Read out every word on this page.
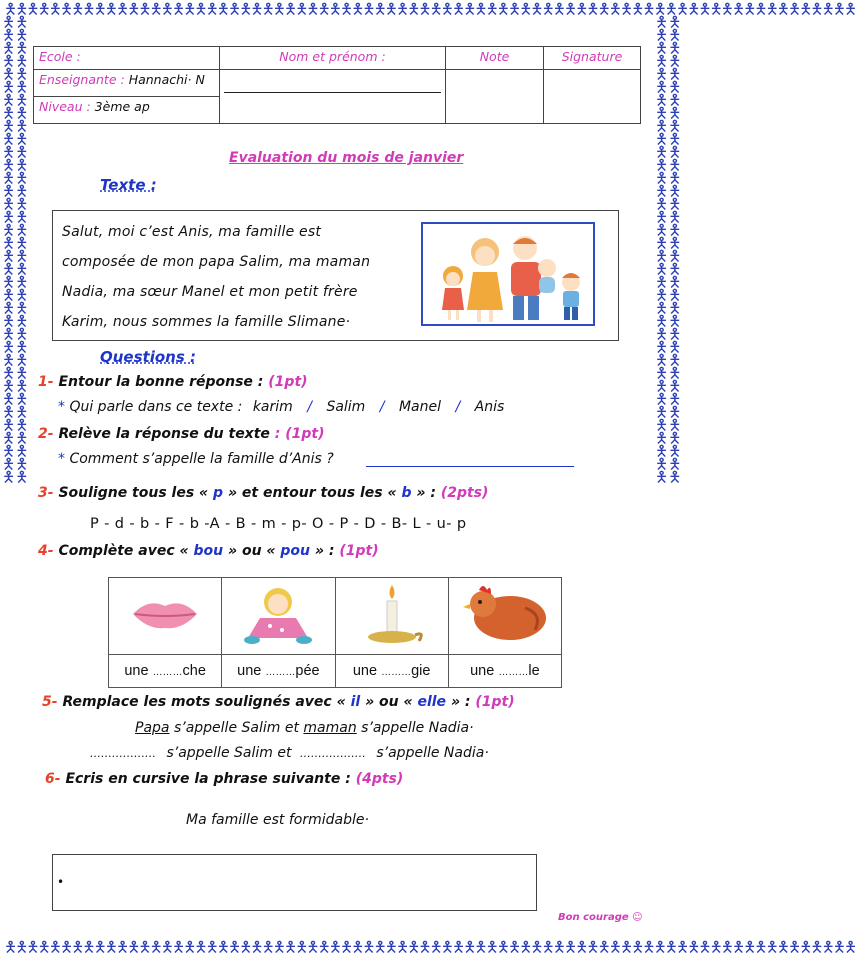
🯅🯅🯅🯅🯅🯅🯅🯅🯅🯅🯅🯅🯅🯅🯅🯅🯅🯅🯅🯅🯅🯅🯅🯅🯅🯅🯅🯅🯅🯅🯅🯅🯅🯅🯅🯅🯅🯅🯅🯅🯅🯅🯅🯅🯅🯅🯅🯅🯅🯅🯅🯅🯅🯅🯅🯅🯅🯅🯅🯅🯅🯅🯅🯅🯅🯅🯅🯅🯅🯅🯅🯅🯅🯅🯅🯅
🯅🯅🯅🯅🯅🯅🯅🯅🯅🯅🯅🯅🯅🯅🯅🯅🯅🯅🯅🯅🯅🯅🯅🯅🯅🯅🯅🯅🯅🯅🯅🯅🯅🯅🯅🯅🯅🯅🯅🯅🯅🯅🯅🯅🯅🯅🯅🯅🯅🯅🯅🯅🯅🯅🯅🯅🯅🯅🯅🯅🯅🯅🯅🯅🯅🯅🯅🯅🯅🯅🯅🯅🯅🯅🯅🯅
🯅🯅🯅🯅🯅🯅🯅🯅🯅🯅🯅🯅🯅🯅🯅🯅🯅🯅🯅🯅🯅🯅🯅🯅🯅🯅🯅🯅🯅🯅🯅🯅🯅🯅🯅🯅🯅🯅🯅🯅🯅🯅🯅🯅🯅🯅🯅🯅🯅🯅🯅🯅🯅🯅🯅🯅🯅🯅🯅🯅🯅🯅🯅🯅🯅🯅🯅🯅🯅🯅🯅🯅
🯅🯅🯅🯅🯅🯅🯅🯅🯅🯅🯅🯅🯅🯅🯅🯅🯅🯅🯅🯅🯅🯅🯅🯅🯅🯅🯅🯅🯅🯅🯅🯅🯅🯅🯅🯅🯅🯅🯅🯅🯅🯅🯅🯅🯅🯅🯅🯅🯅🯅🯅🯅🯅🯅🯅🯅🯅🯅🯅🯅🯅🯅🯅🯅🯅🯅🯅🯅🯅🯅🯅🯅
Ecole :	Nom et prénom :	Note	Signature
Enseignante : Hannachi· N	

Niveau : 3ème ap			
Evaluation du mois de janvier
Texte :
Salut, moi c’est Anis, ma famille est
composée de mon papa Salim, ma maman
Nadia, ma sœur Manel et mon petit frère
Karim, nous sommes la famille Slimane·
Questions :
1- Entour la bonne réponse : (1pt)
* Qui parle dans ce texte : karim / Salim / Manel / Anis
2- Relève la réponse du texte : (1pt)
* Comment s’appelle la famille d’Anis ?
3- Souligne tous les « p » et entour tous les « b » : (2pts)
P - d - b - F - b -A - B - m - p- O - P - D - B- L - u- p
4- Complète avec « bou » ou « pou » : (1pt)

une ………che	une ………pée	une ………gie	une ………le
5- Remplace les mots soulignés avec « il » ou « elle » : (1pt)
Papa s’appelle Salim et maman s’appelle Nadia·
……………… s’appelle Salim et ……………… s’appelle Nadia·
6- Ecris en cursive la phrase suivante : (4pts)
Ma famille est formidable·
•
Bon courage ☺
